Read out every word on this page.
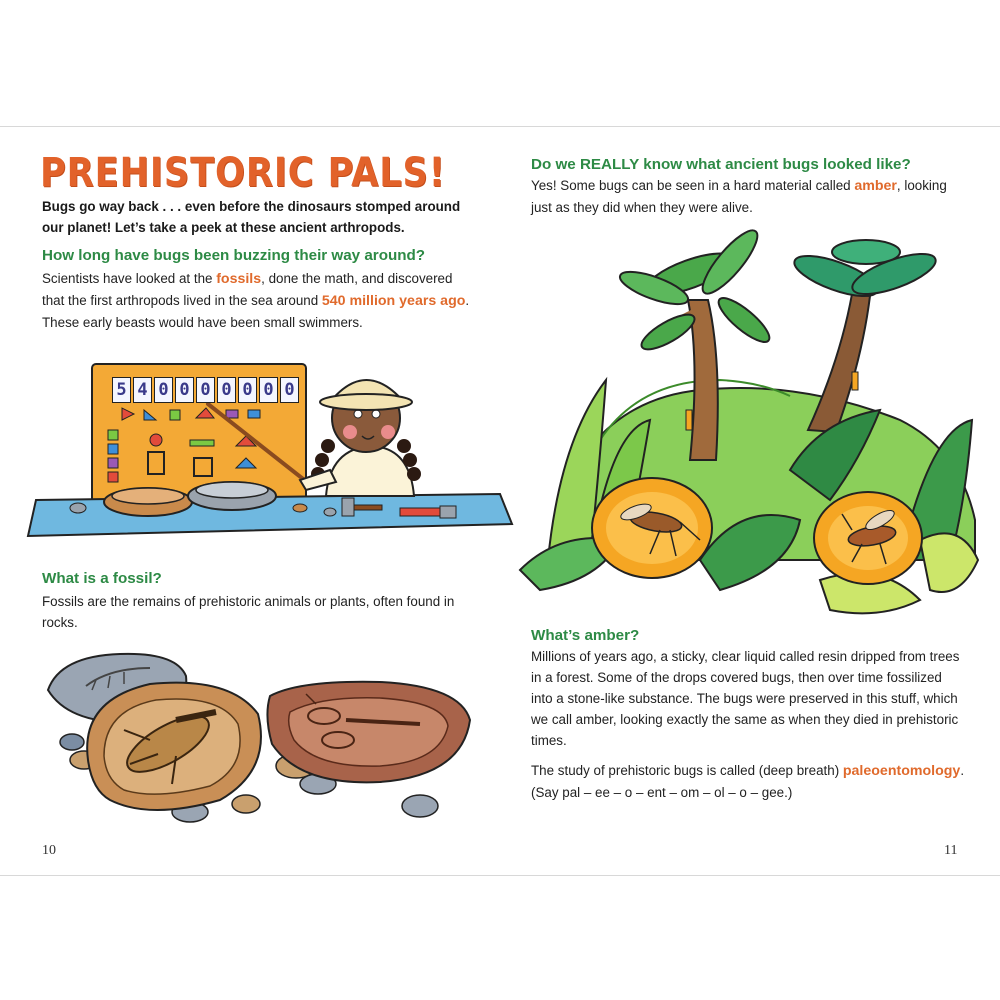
PREHISTORIC PALS!
Bugs go way back . . . even before the dinosaurs stomped around our planet! Let’s take a peek at these ancient arthropods.
How long have bugs been buzzing their way around?
Scientists have looked at the fossils, done the math, and discovered that the first arthropods lived in the sea around 540 million years ago. These early beasts would have been small swimmers.
5 4 0 0 0 0 0 0 0
What is a fossil?
Fossils are the remains of prehistoric animals or plants, often found in rocks.
10
Do we REALLY know what ancient bugs looked like?
Yes! Some bugs can be seen in a hard material called amber, looking just as they did when they were alive.
What’s amber?
Millions of years ago, a sticky, clear liquid called resin dripped from trees in a forest. Some of the drops covered bugs, then over time fossilized into a stone-like substance. The bugs were preserved in this stuff, which we call amber, looking exactly the same as when they died in prehistoric times.
The study of prehistoric bugs is called (deep breath) paleoentomology. (Say pal – ee – o – ent – om – ol – o – gee.)
11
